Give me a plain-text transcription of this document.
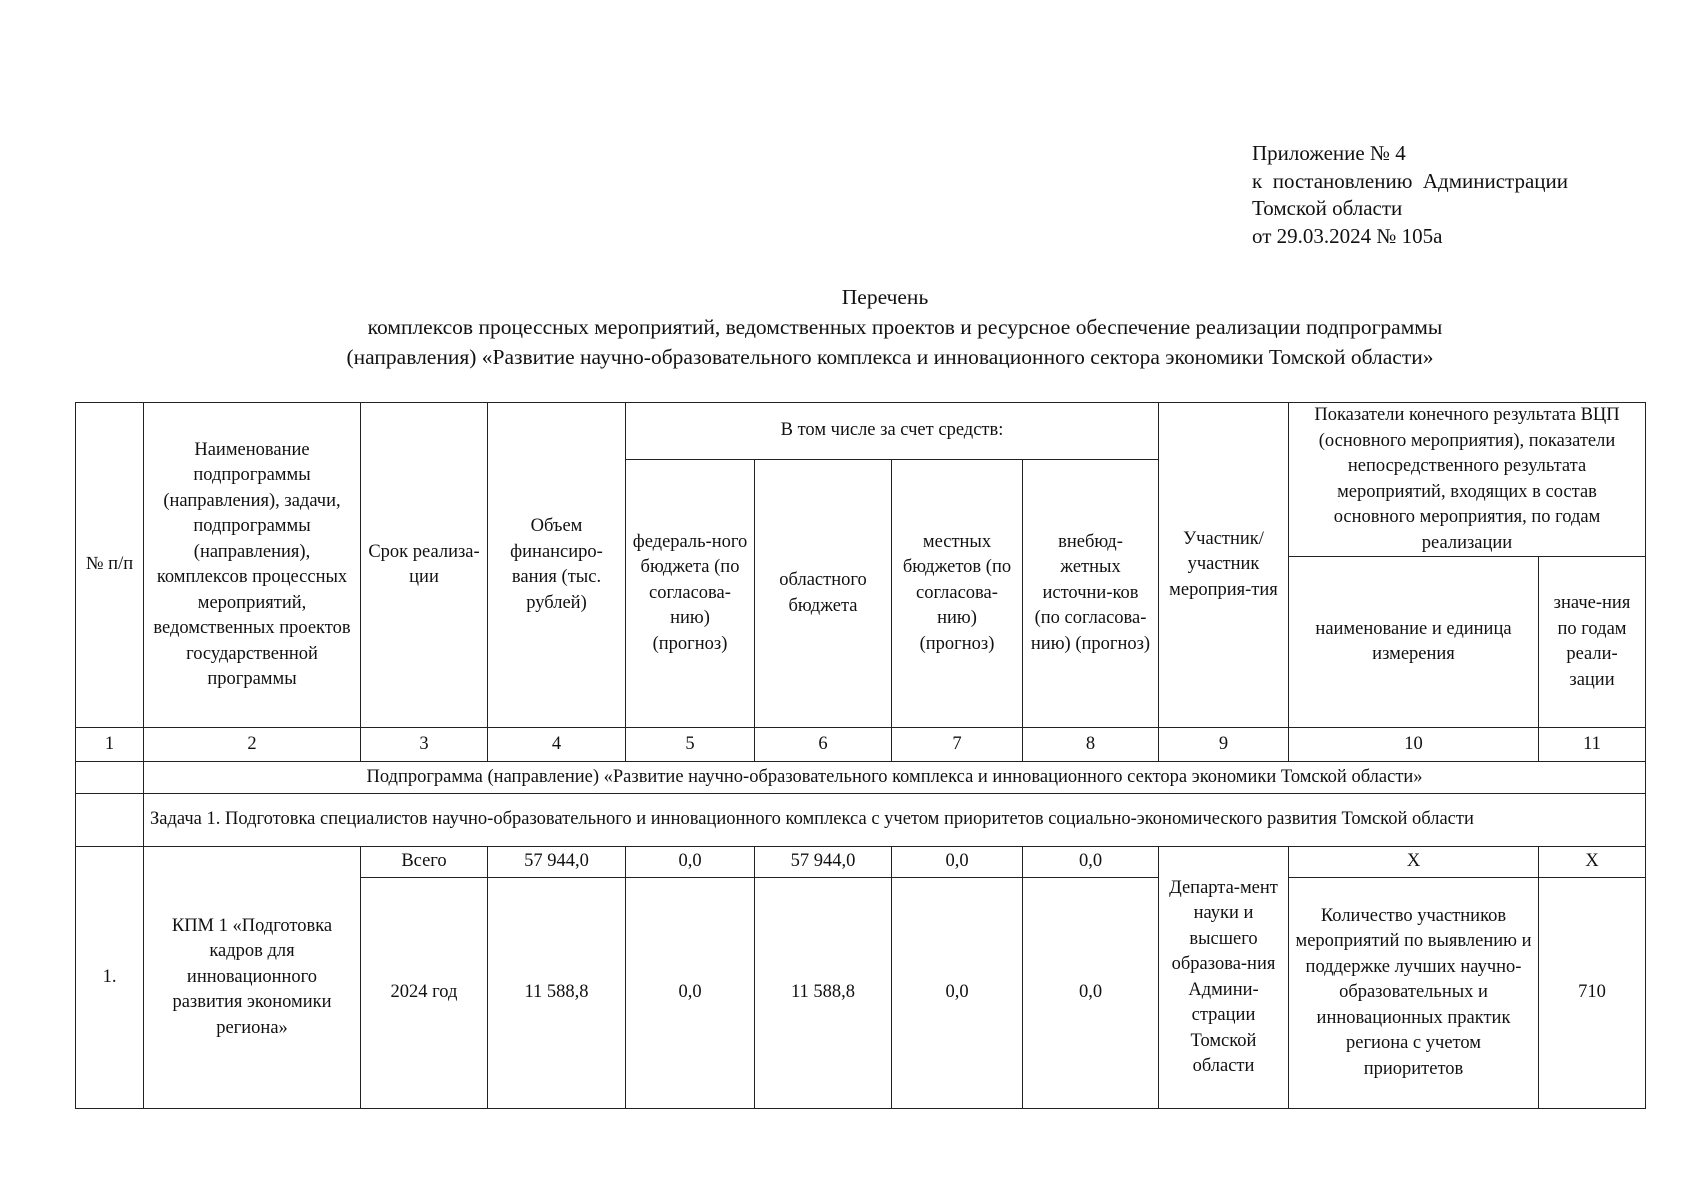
Приложение № 4
к  постановлению  Администрации
Томской области
от 29.03.2024 № 105а
Перечень
комплексов процессных мероприятий, ведомственных проектов и ресурсное обеспечение реализации подпрограммы
(направления) «Развитие научно-образовательного комплекса и инновационного сектора экономики Томской области»
№ п/п	Наименование подпрограммы (направления), задачи, подпрограммы (направления), комплексов процессных мероприятий, ведомственных проектов государственной программы	Срок реализа-ции	Объем финансиро-вания (тыс. рублей)	В том числе за счет средств:				Участник/ участник мероприя-тия	Показатели конечного результата ВЦП (основного мероприятия), показатели непосредственного результата мероприятий, входящих в состав основного мероприятия, по годам реализации	
				федераль-ного бюджета (по согласова-нию) (прогноз)	областного бюджета	местных бюджетов (по согласова-нию) (прогноз)	внебюд-жетных источни-ков (по согласова-нию) (прогноз)			
									наименование и единица измерения	значе-ния по годам реали-зации
1	2	3	4	5	6	7	8	9	10	11
	Подпрограмма (направление) «Развитие научно-образовательного комплекса и инновационного сектора экономики Томской области»									
	Задача 1. Подготовка специалистов научно-образовательного и инновационного комплекса с учетом приоритетов социально-экономического развития Томской области									
1.	КПМ 1 «Подготовка кадров для инновационного развития экономики региона»	Всего	57 944,0	0,0	57 944,0	0,0	0,0	Департа-мент науки и высшего образова-ния Админи-страции Томской области	Х	Х
		2024 год	11 588,8	0,0	11 588,8	0,0	0,0		Количество участников мероприятий по выявлению и поддержке лучших научно-образовательных и инновационных практик региона с учетом приоритетов	710
